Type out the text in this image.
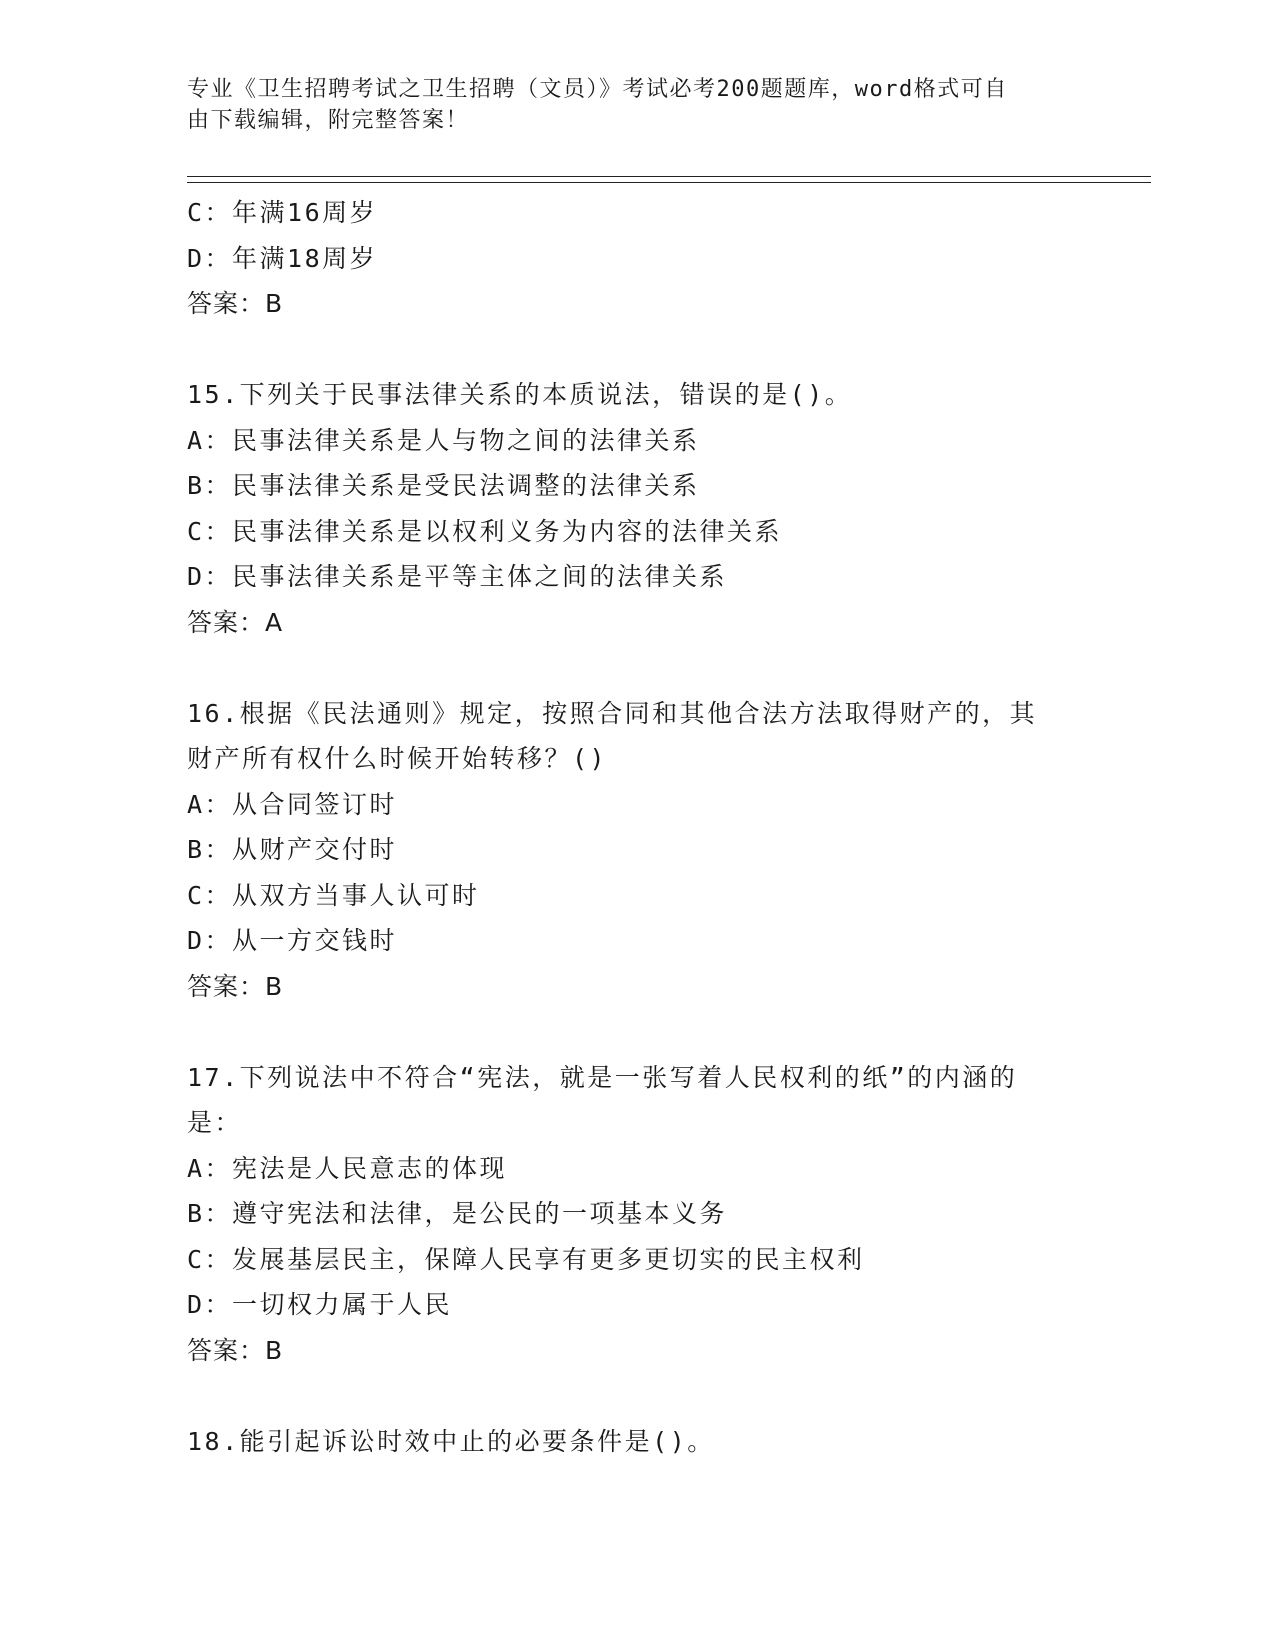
专业《卫生招聘考试之卫生招聘（文员）》考试必考200题题库，word格式可自
由下载编辑，附完整答案！
C：年满16周岁
D：年满18周岁
答案：B
15.下列关于民事法律关系的本质说法，错误的是()。
A：民事法律关系是人与物之间的法律关系
B：民事法律关系是受民法调整的法律关系
C：民事法律关系是以权利义务为内容的法律关系
D：民事法律关系是平等主体之间的法律关系
答案：A
16.根据《民法通则》规定，按照合同和其他合法方法取得财产的，其
财产所有权什么时候开始转移？()
A：从合同签订时
B：从财产交付时
C：从双方当事人认可时
D：从一方交钱时
答案：B
17.下列说法中不符合“宪法，就是一张写着人民权利的纸”的内涵的
是：
A：宪法是人民意志的体现
B：遵守宪法和法律，是公民的一项基本义务
C：发展基层民主，保障人民享有更多更切实的民主权利
D：一切权力属于人民
答案：B
18.能引起诉讼时效中止的必要条件是()。
